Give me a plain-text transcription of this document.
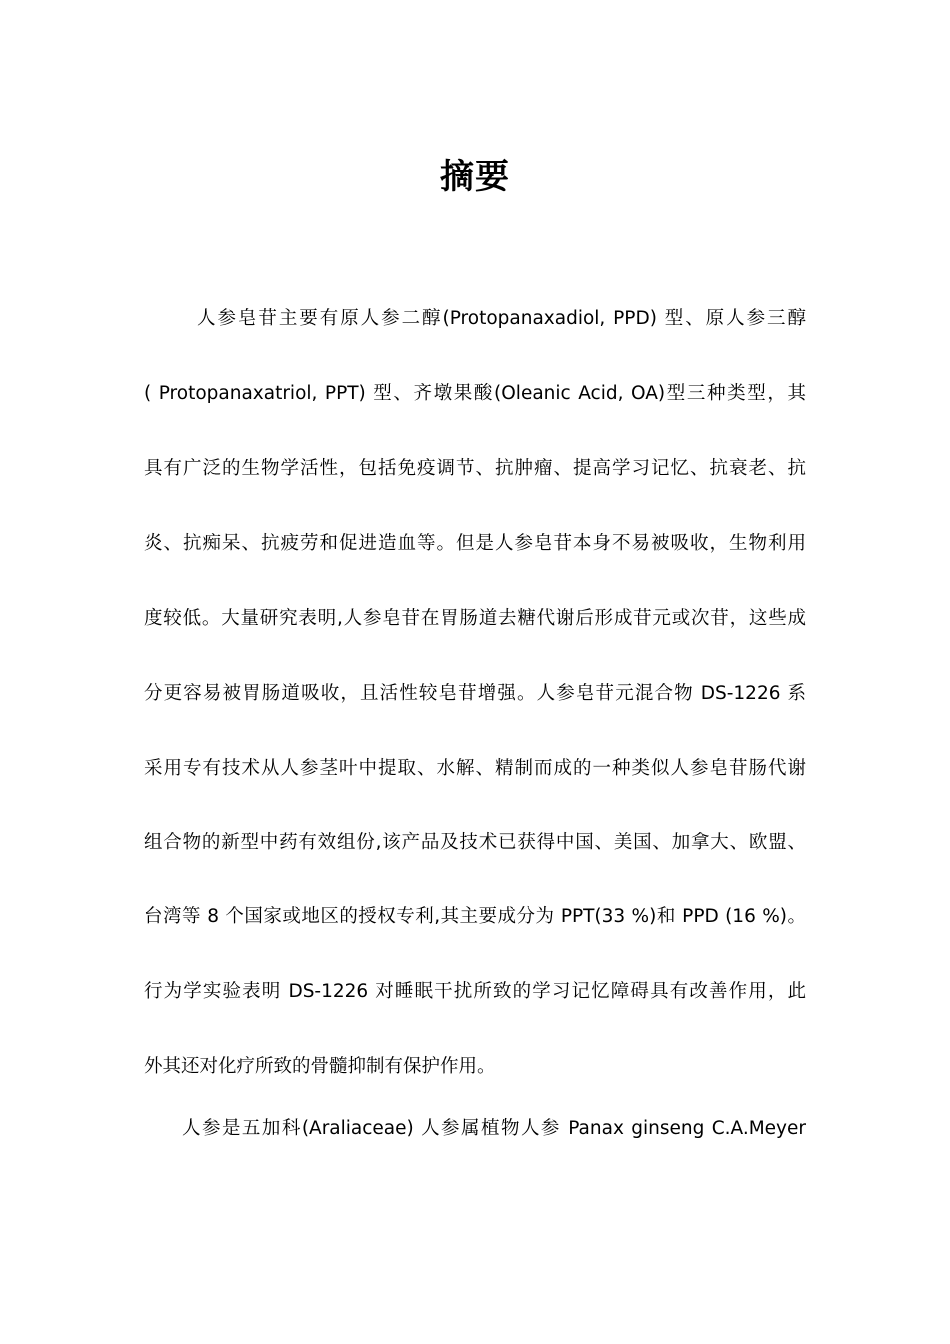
摘要
人参皂苷主要有原人参二醇(Protopanaxadiol, PPD) 型、原人参三醇
( Protopanaxatriol, PPT) 型、齐墩果酸(Oleanic Acid, OA)型三种类型，其
具有广泛的生物学活性，包括免疫调节、抗肿瘤、提高学习记忆、抗衰老、抗
炎、抗痴呆、抗疲劳和促进造血等。但是人参皂苷本身不易被吸收，生物利用
度较低。大量研究表明,人参皂苷在胃肠道去糖代谢后形成苷元或次苷，这些成
分更容易被胃肠道吸收，且活性较皂苷增强。人参皂苷元混合物 DS-1226 系
采用专有技术从人参茎叶中提取、水解、精制而成的一种类似人参皂苷肠代谢
组合物的新型中药有效组份,该产品及技术已获得中国、美国、加拿大、欧盟、
台湾等 8 个国家或地区的授权专利,其主要成分为 PPT(33 %)和 PPD (16 %)。
行为学实验表明 DS-1226 对睡眠干扰所致的学习记忆障碍具有改善作用，此
外其还对化疗所致的骨髓抑制有保护作用。
人参是五加科(Araliaceae) 人参属植物人参 Panax ginseng C.A.Meyer
